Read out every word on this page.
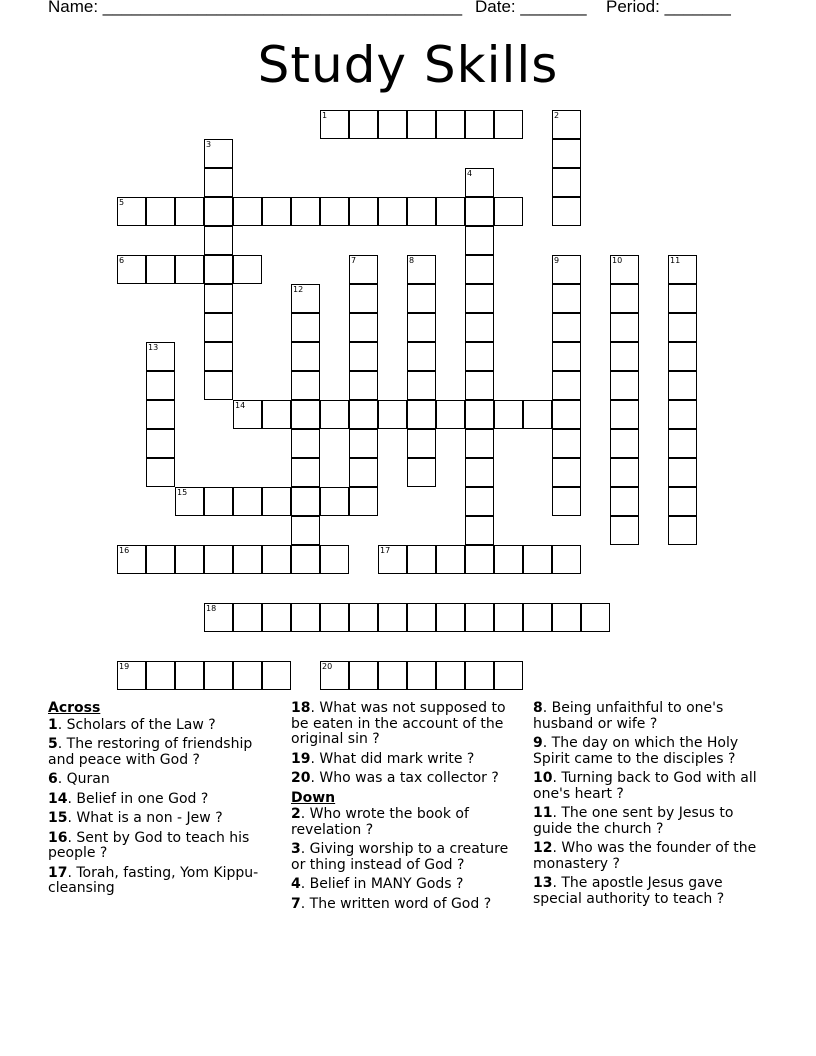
Name: ______________________________________ Date: _______ Period: _______
Study Skills
1	2
3
4
5
6	7	8	9	10	11
12
13
14
15
16	17
18
19	20
Across
1. Scholars of the Law ?
5. The restoring of friendship and peace with God ?
6. Quran
14. Belief in one God ?
15. What is a non - Jew ?
16. Sent by God to teach his people ?
17. Torah, fasting, Yom Kippu- cleansing
18. What was not supposed to be eaten in the account of the original sin ?
19. What did mark write ?
20. Who was a tax collector ?
Down
2. Who wrote the book of revelation ?
3. Giving worship to a creature or thing instead of God ?
4. Belief in MANY Gods ?
7. The written word of God ?
8. Being unfaithful to one's husband or wife ?
9. The day on which the Holy Spirit came to the disciples ?
10. Turning back to God with all one's heart ?
11. The one sent by Jesus to guide the church ?
12. Who was the founder of the monastery ?
13. The apostle Jesus gave special authority to teach ?
